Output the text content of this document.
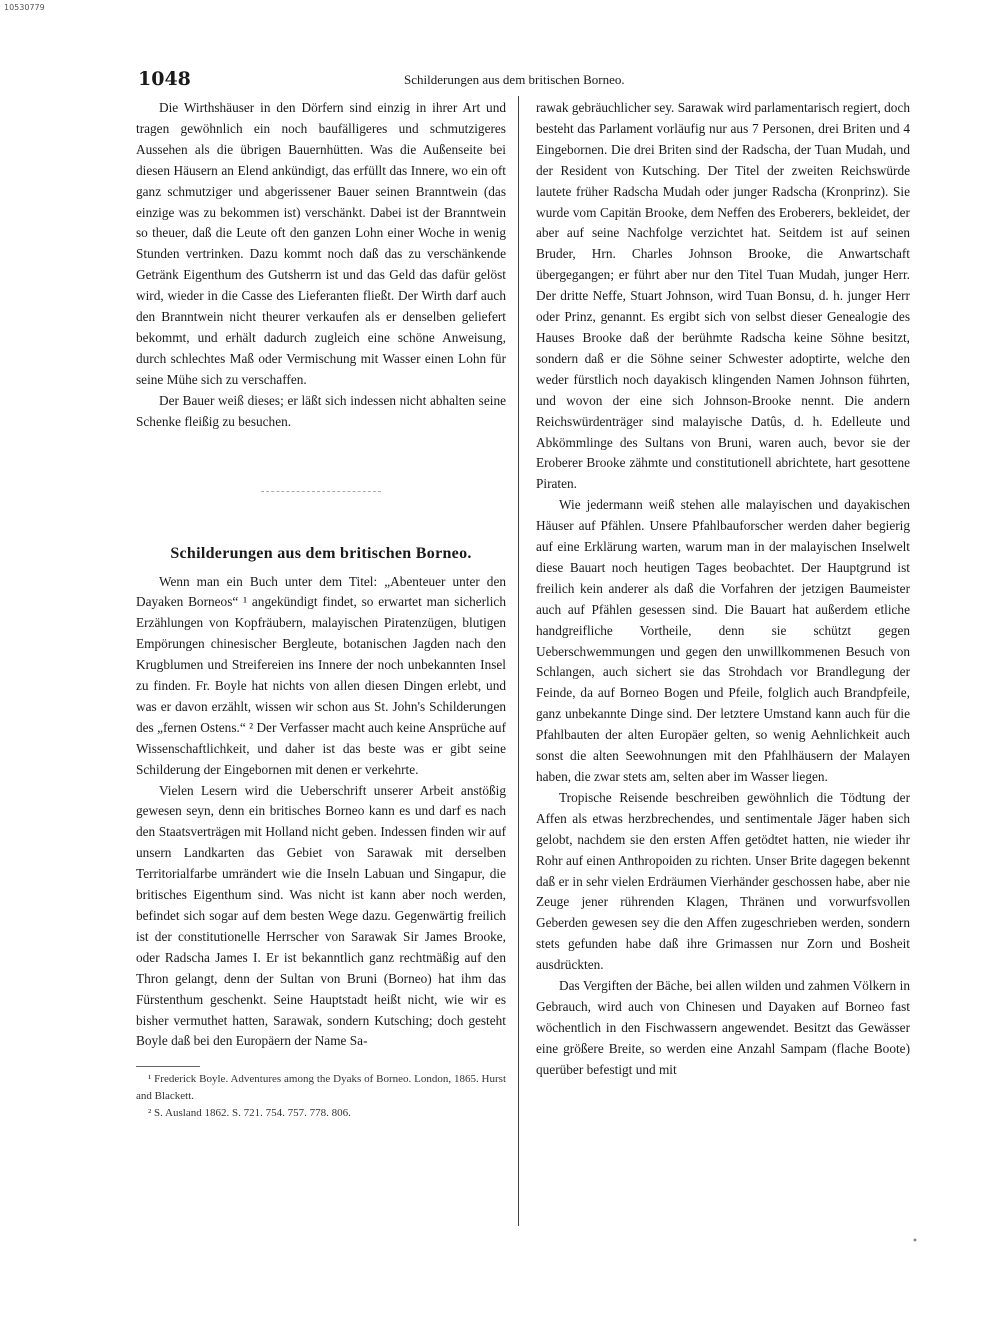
10530779
1048	Schilderungen aus dem britischen Borneo.

Die Wirthshäuser in den Dörfern sind einzig in ihrer Art und tragen gewöhnlich ein noch baufälligeres und schmutzigeres Aussehen als die übrigen Bauernhütten. Was die Außenseite bei diesen Häusern an Elend ankündigt, das erfüllt das Innere, wo ein oft ganz schmutziger und abgerissener Bauer seinen Branntwein (das einzige was zu bekommen ist) verschänkt. Dabei ist der Branntwein so theuer, daß die Leute oft den ganzen Lohn einer Woche in wenig Stunden vertrinken. Dazu kommt noch daß das zu verschänkende Getränk Eigenthum des Gutsherrn ist und das Geld das dafür gelöst wird, wieder in die Casse des Lieferanten fließt. Der Wirth darf auch den Branntwein nicht theurer verkaufen als er denselben geliefert bekommt, und erhält dadurch zugleich eine schöne Anweisung, durch schlechtes Maß oder Vermischung mit Wasser einen Lohn für seine Mühe sich zu verschaffen.

Der Bauer weiß dieses; er läßt sich indessen nicht abhalten seine Schenke fleißig zu besuchen.

Schilderungen aus dem britischen Borneo.

Wenn man ein Buch unter dem Titel: „Abenteuer unter den Dayaken Borneos“ ¹ angekündigt findet, so erwartet man sicherlich Erzählungen von Kopfräubern, malayischen Piratenzügen, blutigen Empörungen chinesischer Bergleute, botanischen Jagden nach den Krugblumen und Streifereien ins Innere der noch unbekannten Insel zu finden. Fr. Boyle hat nichts von allen diesen Dingen erlebt, und was er davon erzählt, wissen wir schon aus St. John's Schilderungen des „fernen Ostens.“ ² Der Verfasser macht auch keine Ansprüche auf Wissenschaftlichkeit, und daher ist das beste was er gibt seine Schilderung der Eingebornen mit denen er verkehrte.

Vielen Lesern wird die Ueberschrift unserer Arbeit anstößig gewesen seyn, denn ein britisches Borneo kann es und darf es nach den Staatsverträgen mit Holland nicht geben. Indessen finden wir auf unsern Landkarten das Gebiet von Sarawak mit derselben Territorialfarbe umrändert wie die Inseln Labuan und Singapur, die britisches Eigenthum sind. Was nicht ist kann aber noch werden, befindet sich sogar auf dem besten Wege dazu. Gegenwärtig freilich ist der constitutionelle Herrscher von Sarawak Sir James Brooke, oder Radscha James I. Er ist bekanntlich ganz rechtmäßig auf den Thron gelangt, denn der Sultan von Bruni (Borneo) hat ihm das Fürstenthum geschenkt. Seine Hauptstadt heißt nicht, wie wir es bisher vermuthet hatten, Sarawak, sondern Kutsching; doch gesteht Boyle daß bei den Europäern der Name Sa-

¹ Frederick Boyle. Adventures among the Dyaks of Borneo. London, 1865. Hurst and Blackett.

² S. Ausland 1862. S. 721. 754. 757. 778. 806.

rawak gebräuchlicher sey. Sarawak wird parlamentarisch regiert, doch besteht das Parlament vorläufig nur aus 7 Personen, drei Briten und 4 Eingebornen. Die drei Briten sind der Radscha, der Tuan Mudah, und der Resident von Kutsching. Der Titel der zweiten Reichswürde lautete früher Radscha Mudah oder junger Radscha (Kronprinz). Sie wurde vom Capitän Brooke, dem Neffen des Eroberers, bekleidet, der aber auf seine Nachfolge verzichtet hat. Seitdem ist auf seinen Bruder, Hrn. Charles Johnson Brooke, die Anwartschaft übergegangen; er führt aber nur den Titel Tuan Mudah, junger Herr. Der dritte Neffe, Stuart Johnson, wird Tuan Bonsu, d. h. junger Herr oder Prinz, genannt. Es ergibt sich von selbst dieser Genealogie des Hauses Brooke daß der berühmte Radscha keine Söhne besitzt, sondern daß er die Söhne seiner Schwester adoptirte, welche den weder fürstlich noch dayakisch klingenden Namen Johnson führten, und wovon der eine sich Johnson-Brooke nennt. Die andern Reichswürdenträger sind malayische Datûs, d. h. Edelleute und Abkömmlinge des Sultans von Bruni, waren auch, bevor sie der Eroberer Brooke zähmte und constitutionell abrichtete, hart gesottene Piraten.

Wie jedermann weiß stehen alle malayischen und dayakischen Häuser auf Pfählen. Unsere Pfahlbauforscher werden daher begierig auf eine Erklärung warten, warum man in der malayischen Inselwelt diese Bauart noch heutigen Tages beobachtet. Der Hauptgrund ist freilich kein anderer als daß die Vorfahren der jetzigen Baumeister auch auf Pfählen gesessen sind. Die Bauart hat außerdem etliche handgreifliche Vortheile, denn sie schützt gegen Ueberschwemmungen und gegen den unwillkommenen Besuch von Schlangen, auch sichert sie das Strohdach vor Brandlegung der Feinde, da auf Borneo Bogen und Pfeile, folglich auch Brandpfeile, ganz unbekannte Dinge sind. Der letztere Umstand kann auch für die Pfahlbauten der alten Europäer gelten, so wenig Aehnlichkeit auch sonst die alten Seewohnungen mit den Pfahlhäusern der Malayen haben, die zwar stets am, selten aber im Wasser liegen.

Tropische Reisende beschreiben gewöhnlich die Tödtung der Affen als etwas herzbrechendes, und sentimentale Jäger haben sich gelobt, nachdem sie den ersten Affen getödtet hatten, nie wieder ihr Rohr auf einen Anthropoiden zu richten. Unser Brite dagegen bekennt daß er in sehr vielen Erdräumen Vierhänder geschossen habe, aber nie Zeuge jener rührenden Klagen, Thränen und vorwurfsvollen Geberden gewesen sey die den Affen zugeschrieben werden, sondern stets gefunden habe daß ihre Grimassen nur Zorn und Bosheit ausdrückten.

Das Vergiften der Bäche, bei allen wilden und zahmen Völkern in Gebrauch, wird auch von Chinesen und Dayaken auf Borneo fast wöchentlich in den Fischwassern angewendet. Besitzt das Gewässer eine größere Breite, so werden eine Anzahl Sampam (flache Boote) querüber befestigt und mit

•
